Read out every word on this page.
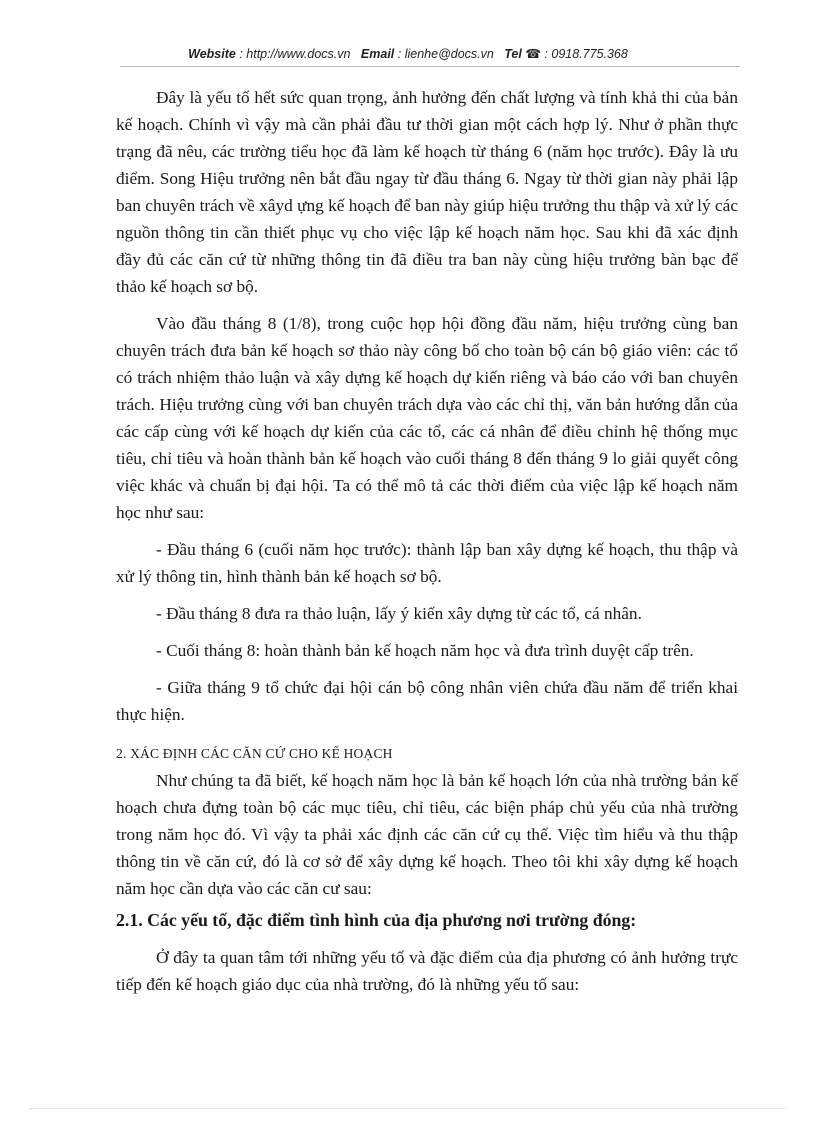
Website : http://www.docs.vn Email : lienhe@docs.vn Tel ☎ : 0918.775.368

Đây là yếu tố hết sức quan trọng, ảnh hưởng đến chất lượng và tính khả thi của bản kế hoạch. Chính vì vậy mà cần phải đầu tư thời gian một cách hợp lý. Như ở phần thực trạng đã nêu, các trường tiểu học đã làm kế hoạch từ tháng 6 (năm học trước). Đây là ưu điểm. Song Hiệu trưởng nên bắt đầu ngay từ đầu tháng 6. Ngay từ thời gian này phải lập ban chuyên trách về xâyd ựng kế hoạch để ban này giúp hiệu trưởng thu thập và xử lý các nguồn thông tin cần thiết phục vụ cho việc lập kế hoạch năm học. Sau khi đã xác định đầy đủ các căn cứ từ những thông tin đã điều tra ban này cùng hiệu trưởng bàn bạc để thảo kế hoạch sơ bộ.

Vào đầu tháng 8 (1/8), trong cuộc họp hội đồng đầu năm, hiệu trưởng cùng ban chuyên trách đưa bản kế hoạch sơ thảo này công bố cho toàn bộ cán bộ giáo viên: các tổ có trách nhiệm thảo luận và xây dựng kế hoạch dự kiến riêng và báo cáo với ban chuyên trách. Hiệu trưởng cùng với ban chuyên trách dựa vào các chỉ thị, văn bản hướng dẫn của các cấp cùng với kế hoạch dự kiến của các tổ, các cá nhân để điều chỉnh hệ thống mục tiêu, chỉ tiêu và hoàn thành bản kế hoạch vào cuối tháng 8 đến tháng 9 lo giải quyết công việc khác và chuẩn bị đại hội. Ta có thể mô tả các thời điểm của việc lập kế hoạch năm học như sau:

- Đầu tháng 6 (cuối năm học trước): thành lập ban xây dựng kế hoạch, thu thập và xử lý thông tin, hình thành bản kế hoạch sơ bộ.

- Đầu tháng 8 đưa ra thảo luận, lấy ý kiến xây dựng từ các tổ, cá nhân.

- Cuối tháng 8: hoàn thành bản kế hoạch năm học và đưa trình duyệt cấp trên.

- Giữa tháng 9 tổ chức đại hội cán bộ công nhân viên chứa đầu năm để triển khai thực hiện.

2. XÁC ĐỊNH CÁC CĂN CỨ CHO KẾ HOẠCH

Như chúng ta đã biết, kế hoạch năm học là bản kế hoạch lớn của nhà trường bản kế hoạch chưa đựng toàn bộ các mục tiêu, chỉ tiêu, các biện pháp chủ yếu của nhà trường trong năm học đó. Vì vậy ta phải xác định các căn cứ cụ thể. Việc tìm hiểu và thu thập thông tin về căn cứ, đó là cơ sở để xây dựng kế hoạch. Theo tôi khi xây dựng kế hoạch năm học cần dựa vào các căn cư sau:

2.1. Các yếu tố, đặc điểm tình hình của địa phương nơi trường đóng:

Ở đây ta quan tâm tới những yếu tố và đặc điểm của địa phương có ảnh hưởng trực tiếp đến kế hoạch giáo dục của nhà trường, đó là những yếu tố sau:
